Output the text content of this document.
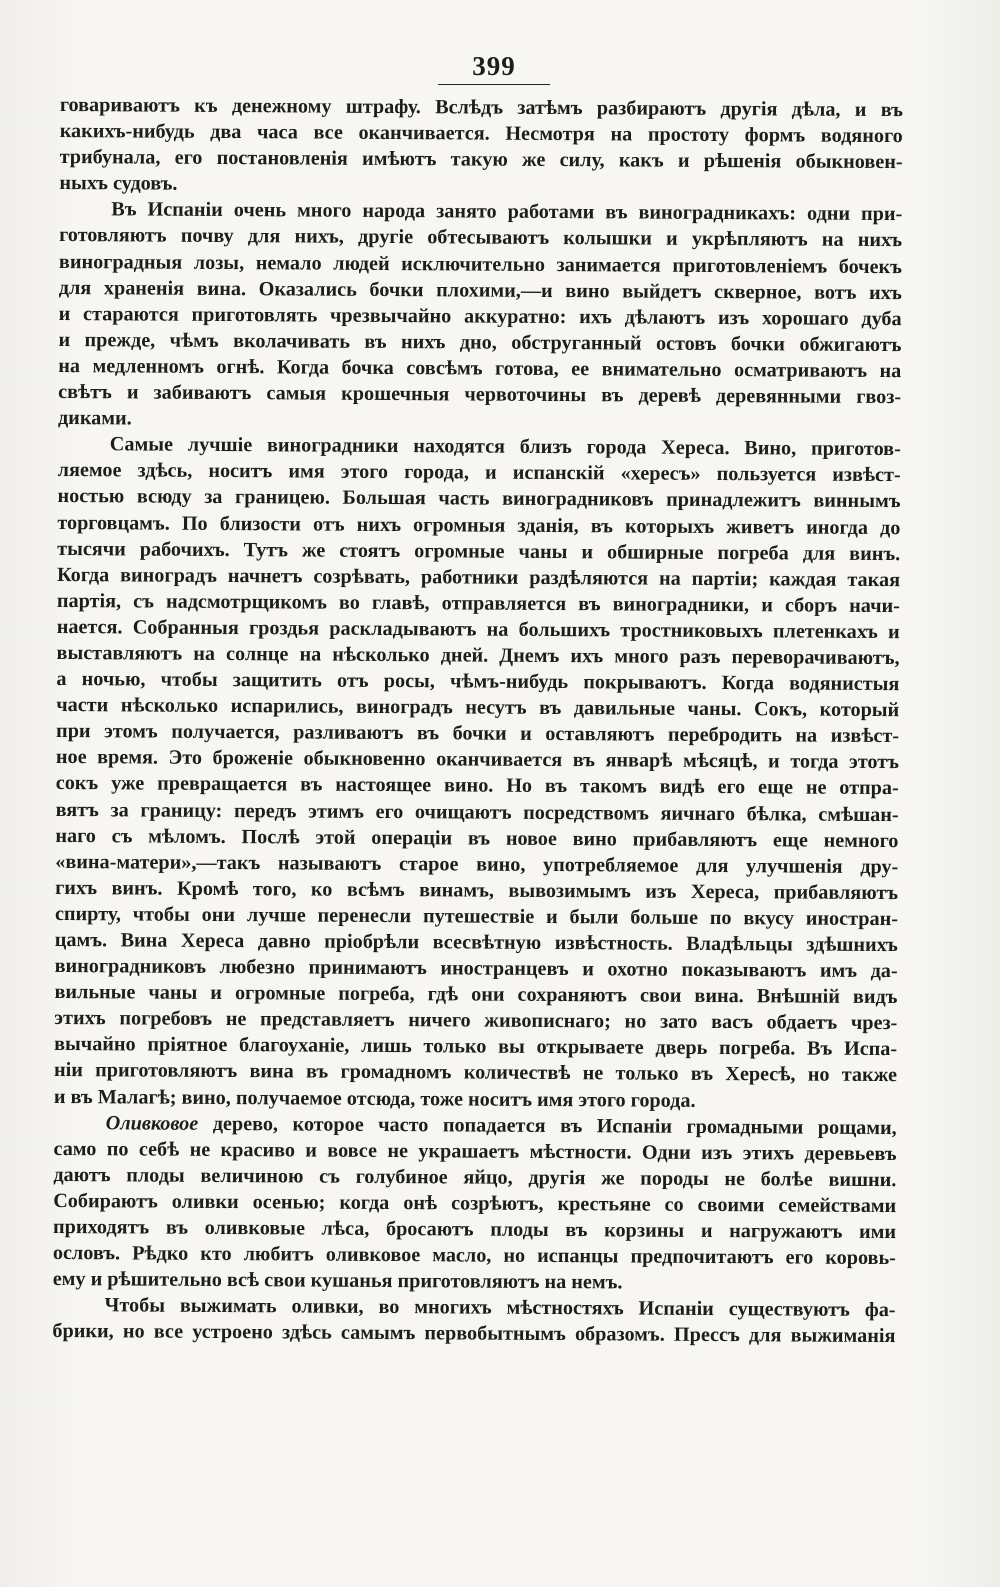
399

говариваютъ къ денежному штрафу. Вслѣдъ затѣмъ разбираютъ другія дѣла, и въ
какихъ-нибудь два часа все оканчивается. Несмотря на простоту формъ водяного
трибунала, его постановленія имѣютъ такую же силу, какъ и рѣшенія обыкновен-
ныхъ судовъ.

Въ Испаніи очень много народа занято работами въ виноградникахъ: одни при-
готовляютъ почву для нихъ, другіе обтесываютъ колышки и укрѣпляютъ на нихъ
виноградныя лозы, немало людей исключительно занимается приготовленіемъ бочекъ
для храненія вина. Оказались бочки плохими,—и вино выйдетъ скверное, вотъ ихъ
и стараются приготовлять чрезвычайно аккуратно: ихъ дѣлаютъ изъ хорошаго дуба
и прежде, чѣмъ вколачивать въ нихъ дно, обструганный остовъ бочки обжигаютъ
на медленномъ огнѣ. Когда бочка совсѣмъ готова, ее внимательно осматриваютъ на
свѣтъ и забиваютъ самыя крошечныя червоточины въ деревѣ деревянными гвоз-
диками.

Самые лучшіе виноградники находятся близъ города Хереса. Вино, приготов-
ляемое здѣсь, носитъ имя этого города, и испанскій «хересъ» пользуется извѣст-
ностью всюду за границею. Большая часть виноградниковъ принадлежитъ виннымъ
торговцамъ. По близости отъ нихъ огромныя зданія, въ которыхъ живетъ иногда до
тысячи рабочихъ. Тутъ же стоятъ огромные чаны и обширные погреба для винъ.
Когда виноградъ начнетъ созрѣвать, работники раздѣляются на партіи; каждая такая
партія, съ надсмотрщикомъ во главѣ, отправляется въ виноградники, и сборъ начи-
нается. Собранныя гроздья раскладываютъ на большихъ тростниковыхъ плетенкахъ и
выставляютъ на солнце на нѣсколько дней. Днемъ ихъ много разъ переворачиваютъ,
а ночью, чтобы защитить отъ росы, чѣмъ-нибудь покрываютъ. Когда водянистыя
части нѣсколько испарились, виноградъ несутъ въ давильные чаны. Сокъ, который
при этомъ получается, разливаютъ въ бочки и оставляютъ перебродить на извѣст-
ное время. Это броженіе обыкновенно оканчивается въ январѣ мѣсяцѣ, и тогда этотъ
сокъ уже превращается въ настоящее вино. Но въ такомъ видѣ его еще не отпра-
вятъ за границу: передъ этимъ его очищаютъ посредствомъ яичнаго бѣлка, смѣшан-
наго съ мѣломъ. Послѣ этой операціи въ новое вино прибавляютъ еще немного
«вина-матери»,—такъ называютъ старое вино, употребляемое для улучшенія дру-
гихъ винъ. Кромѣ того, ко всѣмъ винамъ, вывозимымъ изъ Хереса, прибавляютъ
спирту, чтобы они лучше перенесли путешествіе и были больше по вкусу иностран-
цамъ. Вина Хереса давно пріобрѣли всесвѣтную извѣстность. Владѣльцы здѣшнихъ
виноградниковъ любезно принимаютъ иностранцевъ и охотно показываютъ имъ да-
вильные чаны и огромные погреба, гдѣ они сохраняютъ свои вина. Внѣшній видъ
этихъ погребовъ не представляетъ ничего живописнаго; но зато васъ обдаетъ чрез-
вычайно пріятное благоуханіе, лишь только вы открываете дверь погреба. Въ Испа-
ніи приготовляютъ вина въ громадномъ количествѣ не только въ Хересѣ, но также
и въ Малагѣ; вино, получаемое отсюда, тоже носитъ имя этого города.

Оливковое дерево, которое часто попадается въ Испаніи громадными рощами,
само по себѣ не красиво и вовсе не украшаетъ мѣстности. Одни изъ этихъ деревьевъ
даютъ плоды величиною съ голубиное яйцо, другія же породы не болѣе вишни.
Собираютъ оливки осенью; когда онѣ созрѣютъ, крестьяне со своими семействами
приходятъ въ оливковые лѣса, бросаютъ плоды въ корзины и нагружаютъ ими
ословъ. Рѣдко кто любитъ оливковое масло, но испанцы предпочитаютъ его коровь-
ему и рѣшительно всѣ свои кушанья приготовляютъ на немъ.

Чтобы выжимать оливки, во многихъ мѣстностяхъ Испаніи существуютъ фа-
брики, но все устроено здѣсь самымъ первобытнымъ образомъ. Прессъ для выжиманія
